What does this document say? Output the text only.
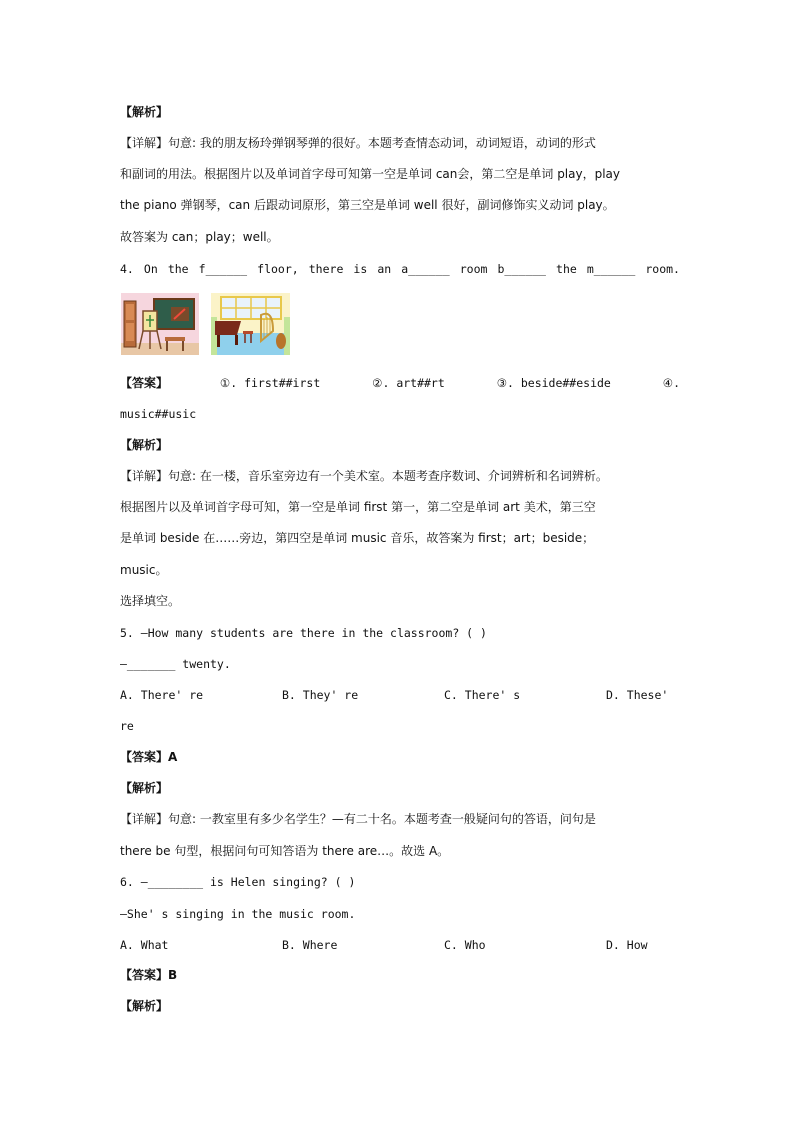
【解析】
【详解】句意: 我的朋友杨玲弹钢琴弹的很好。本题考查情态动词，动词短语，动词的形式
和副词的用法。根据图片以及单词首字母可知第一空是单词 can会，第二空是单词 play，play
the piano 弹钢琴，can 后跟动词原形，第三空是单词 well 很好，副词修饰实义动词 play。
故答案为 can；play；well。
4. On the f______ floor, there is an a______ room b______ the m______ room.
【答案】	①. first##irst	②. art##rt	③. beside##eside	④.
music##usic
【解析】
【详解】句意: 在一楼，音乐室旁边有一个美术室。本题考查序数词、介词辨析和名词辨析。
根据图片以及单词首字母可知，第一空是单词 first 第一，第二空是单词 art 美术，第三空
是单词 beside 在……旁边，第四空是单词 music 音乐，故答案为 first；art；beside；
music。
选择填空。
5. —How many students are there in the classroom? ( )
—_______ twenty.
A. There' re	B. They' re	C. There' s	D. These'
re
【答案】A
【解析】
【详解】句意: 一教室里有多少名学生？—有二十名。本题考查一般疑问句的答语，问句是
there be 句型，根据问句可知答语为 there are…。故选 A。
6. —________ is Helen singing? ( )
—She' s singing in the music room.
A. What	B. Where	C. Who	D. How
【答案】B
【解析】
